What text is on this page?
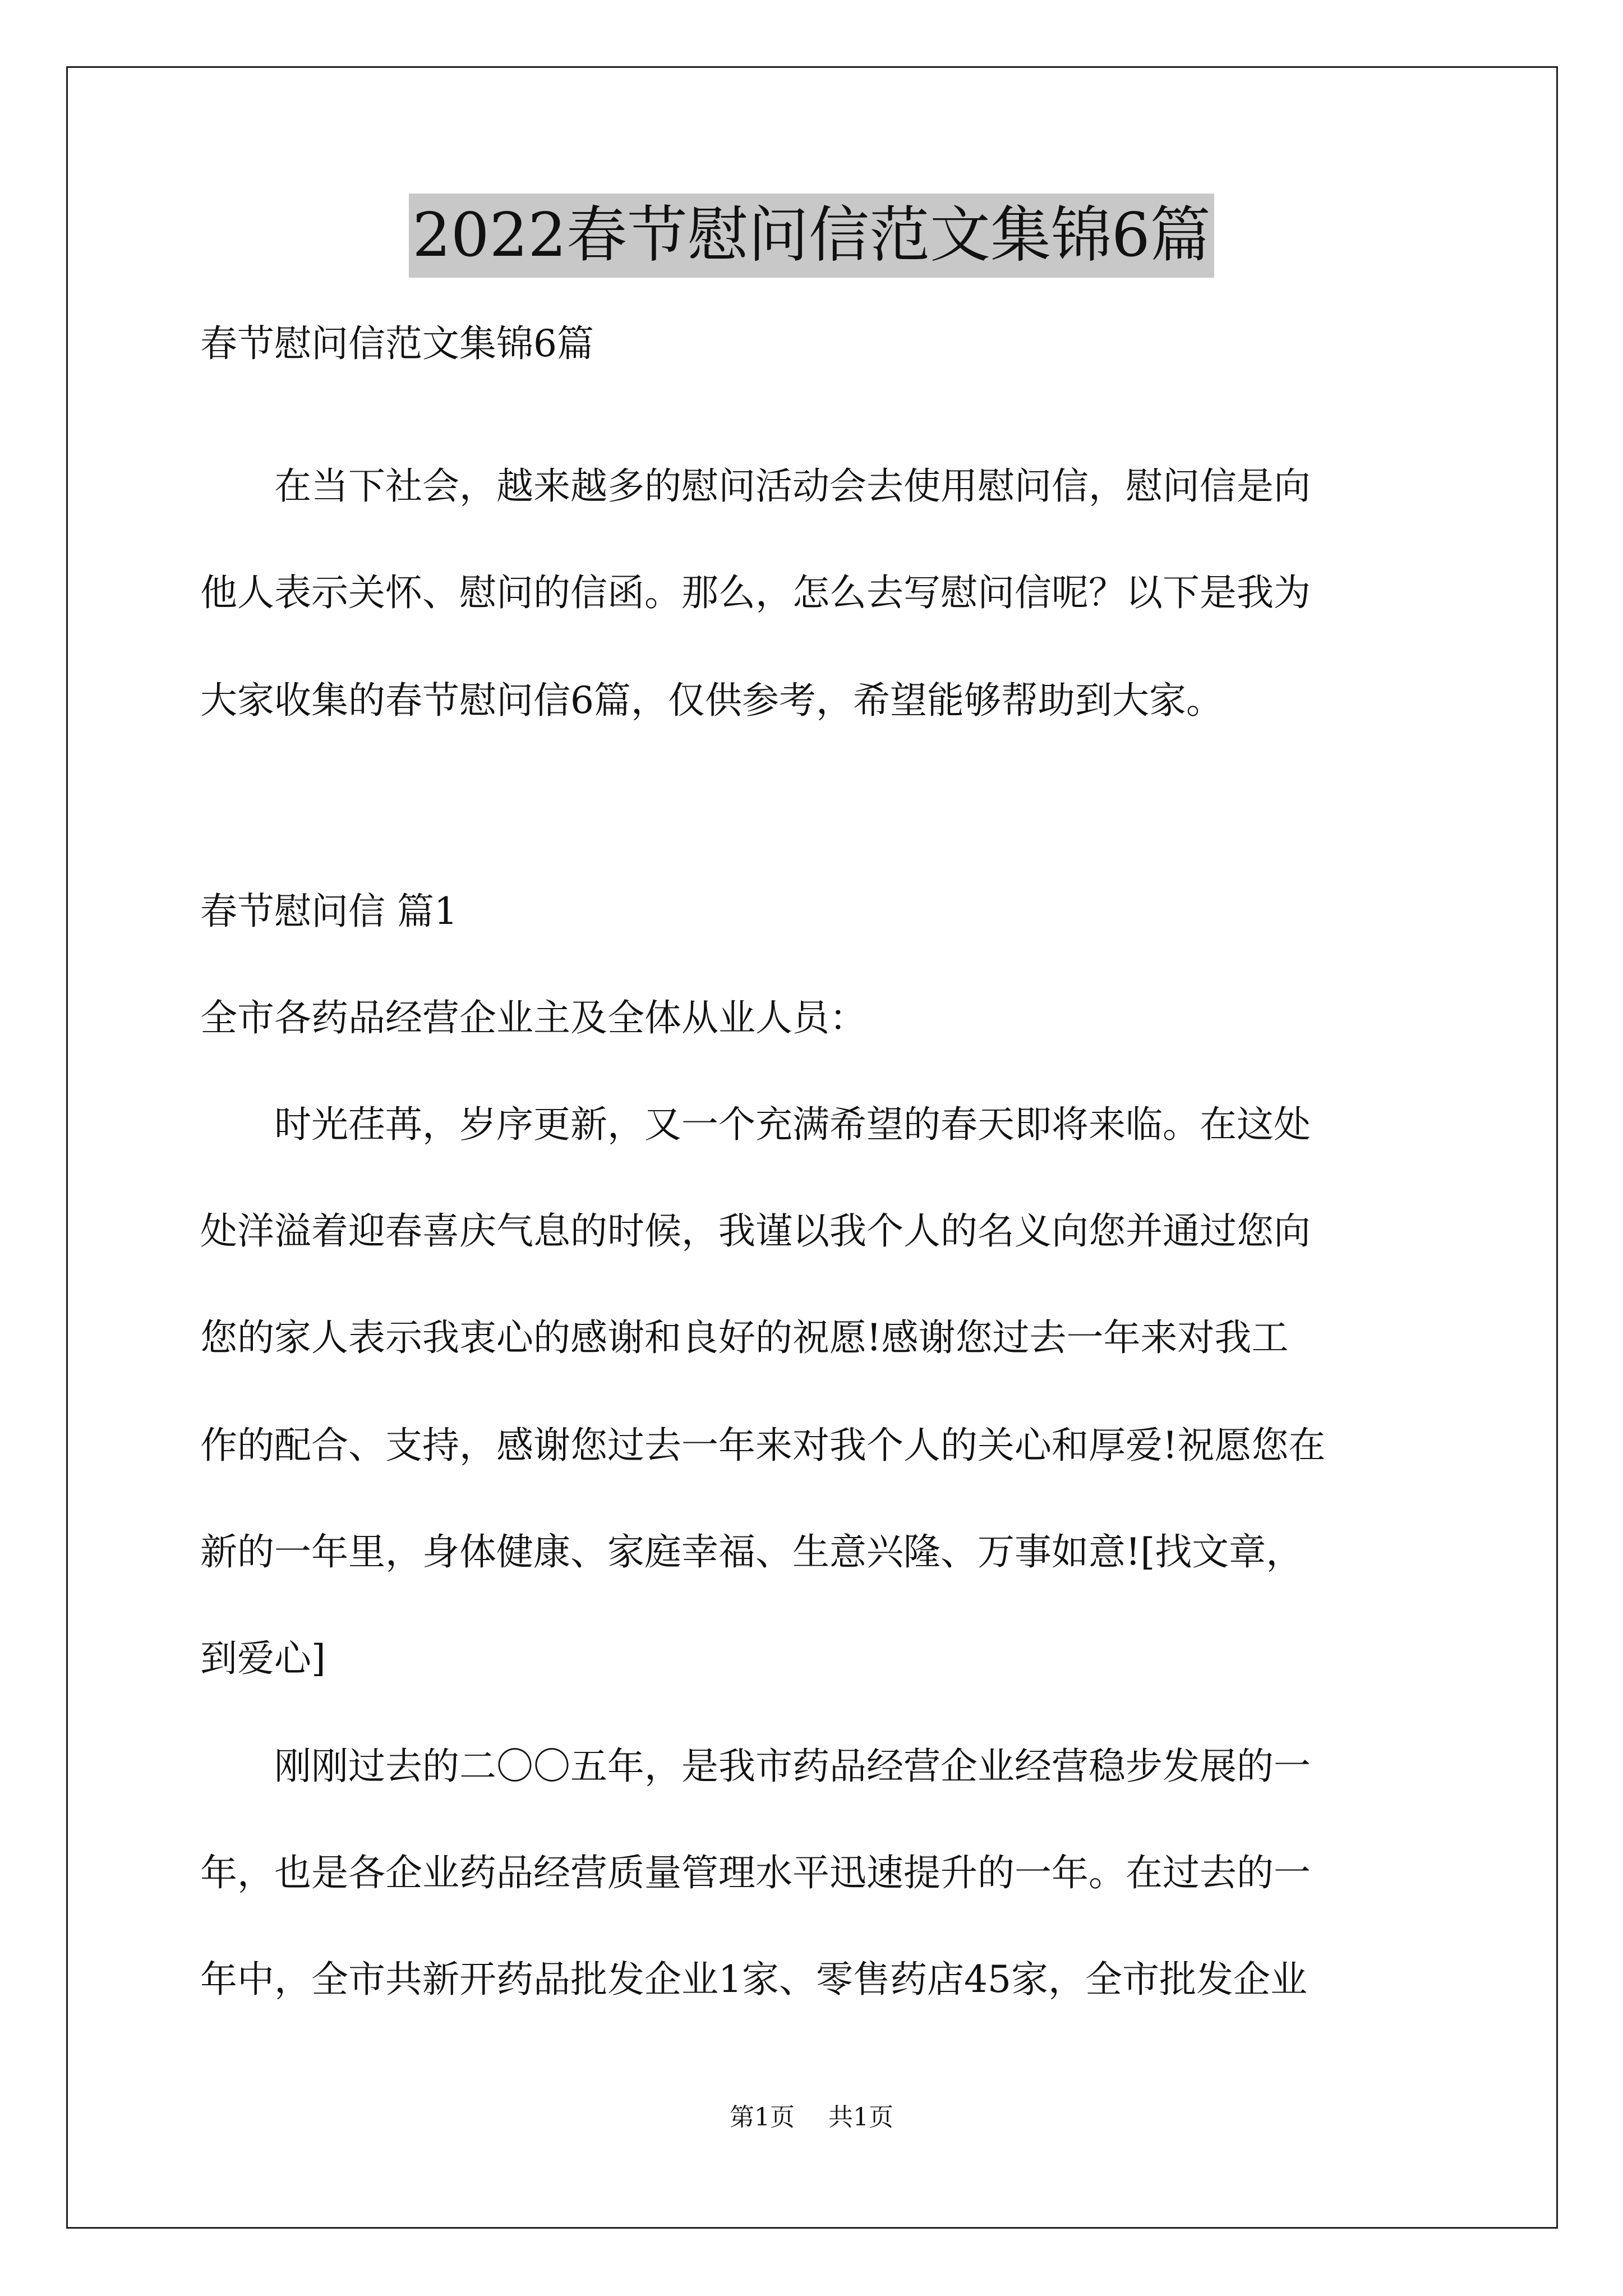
2022春节慰问信范文集锦6篇
春节慰问信范文集锦6篇
　　在当下社会，越来越多的慰问活动会去使用慰问信，慰问信是向
他人表示关怀、慰问的信函。那么，怎么去写慰问信呢？以下是我为
大家收集的春节慰问信6篇，仅供参考，希望能够帮助到大家。
春节慰问信 篇1
全市各药品经营企业主及全体从业人员：
　　时光荏苒，岁序更新，又一个充满希望的春天即将来临。在这处
处洋溢着迎春喜庆气息的时候，我谨以我个人的名义向您并通过您向
您的家人表示我衷心的感谢和良好的祝愿!感谢您过去一年来对我工
作的配合、支持，感谢您过去一年来对我个人的关心和厚爱!祝愿您在
新的一年里，身体健康、家庭幸福、生意兴隆、万事如意![找文章，
到爱心]
　　刚刚过去的二〇〇五年，是我市药品经营企业经营稳步发展的一
年，也是各企业药品经营质量管理水平迅速提升的一年。在过去的一
年中，全市共新开药品批发企业1家、零售药店45家，全市批发企业
第1页 共1页
